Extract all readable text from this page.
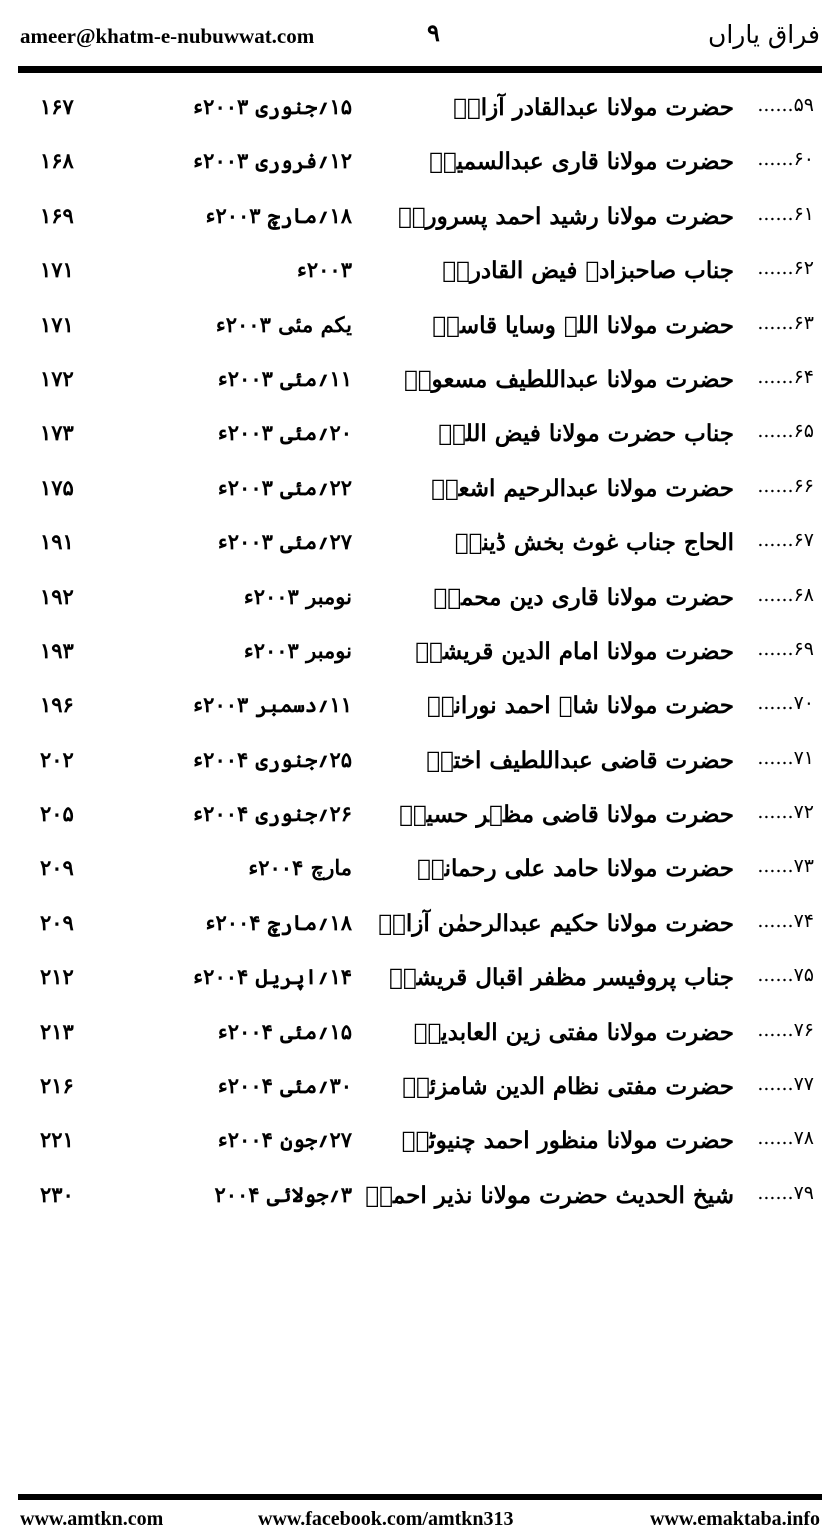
ameer@khatm-e-nubuwwat.com	۹	فراق یاراں
۵۹......
حضرت مولانا عبدالقادر آزادؒ
۱۵؍جنوری ۲۰۰۳ء
۱۶۷
۶۰......
حضرت مولانا قاری عبدالسمیعؒ
۱۲؍فروری ۲۰۰۳ء
۱۶۸
۶۱......
حضرت مولانا رشید احمد پسروریؒ
۱۸؍مارچ ۲۰۰۳ء
۱۶۹
۶۲......
جناب صاحبزادہ فیض القادریؒ
۲۰۰۳ء
۱۷۱
۶۳......
حضرت مولانا اللہ وسایا قاسمؒ
یکم مئی ۲۰۰۳ء
۱۷۱
۶۴......
حضرت مولانا عبداللطیف مسعودؒ
۱۱؍مئی ۲۰۰۳ء
۱۷۲
۶۵......
جناب حضرت مولانا فیض اللہؒ
۲۰؍مئی ۲۰۰۳ء
۱۷۳
۶۶......
حضرت مولانا عبدالرحیم اشعرؒ
۲۲؍مئی ۲۰۰۳ء
۱۷۵
۶۷......
الحاج جناب غوث بخش ڈینہؒ
۲۷؍مئی ۲۰۰۳ء
۱۹۱
۶۸......
حضرت مولانا قاری دین محمدؒ
نومبر ۲۰۰۳ء
۱۹۲
۶۹......
حضرت مولانا امام الدین قریشیؒ
نومبر ۲۰۰۳ء
۱۹۳
۷۰......
حضرت مولانا شاہ احمد نورانیؒ
۱۱؍دسمبر ۲۰۰۳ء
۱۹۶
۷۱......
حضرت قاضی عبداللطیف اخترؒ
۲۵؍جنوری ۲۰۰۴ء
۲۰۲
۷۲......
حضرت مولانا قاضی مظہر حسینؒ
۲۶؍جنوری ۲۰۰۴ء
۲۰۵
۷۳......
حضرت مولانا حامد علی رحمانیؒ
مارچ ۲۰۰۴ء
۲۰۹
۷۴......
حضرت مولانا حکیم عبدالرحمٰن آزادؒ
۱۸؍مارچ ۲۰۰۴ء
۲۰۹
۷۵......
جناب پروفیسر مظفر اقبال قریشیؒ
۱۴؍اپریل ۲۰۰۴ء
۲۱۲
۷۶......
حضرت مولانا مفتی زین العابدینؒ
۱۵؍مئی ۲۰۰۴ء
۲۱۳
۷۷......
حضرت مفتی نظام الدین شامزئیؒ
۳۰؍مئی ۲۰۰۴ء
۲۱۶
۷۸......
حضرت مولانا منظور احمد چنیوٹیؒ
۲۷؍جون ۲۰۰۴ء
۲۲۱
۷۹......
شیخ الحدیث حضرت مولانا نذیر احمدؒ
۳؍جولائی ۲۰۰۴
۲۳۰
www.amtkn.com	www.facebook.com/amtkn313	www.emaktaba.info
